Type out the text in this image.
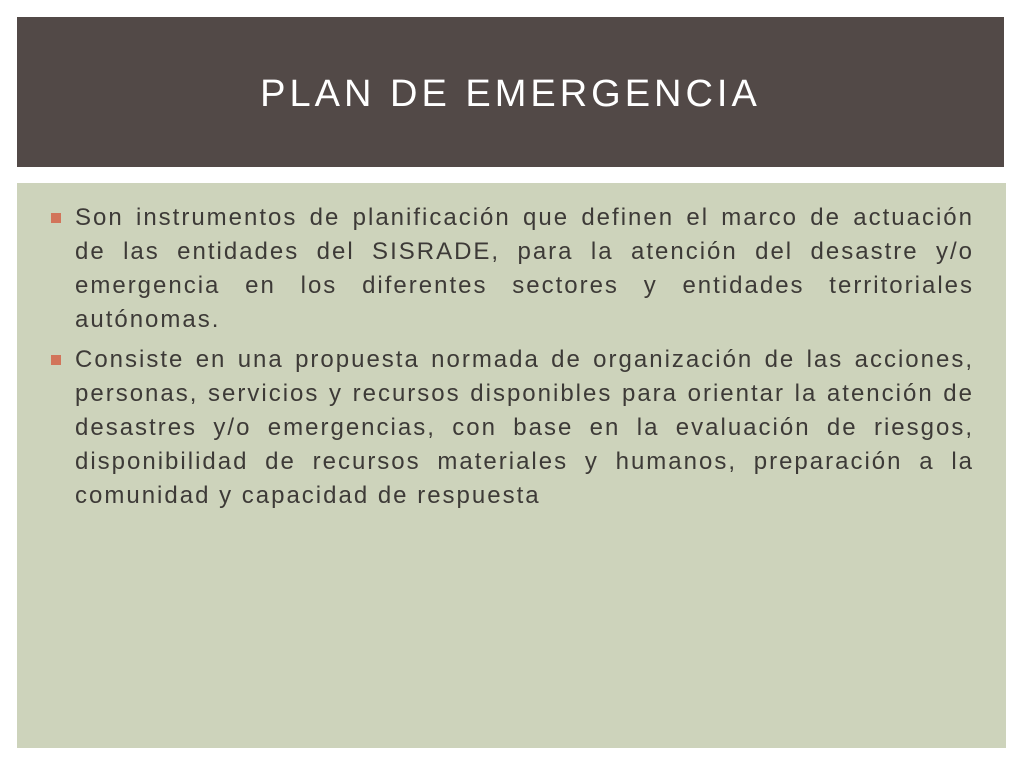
PLAN DE EMERGENCIA
Son instrumentos de planificación que definen el marco de actuación de las entidades del SISRADE, para la atención del desastre y/o emergencia en los diferentes sectores y entidades territoriales autónomas.
Consiste en una propuesta normada de organización de las acciones, personas, servicios y recursos disponibles para orientar la atención de desastres y/o emergencias, con base en la evaluación de riesgos, disponibilidad de recursos materiales y humanos, preparación a la comunidad y capacidad de respuesta
